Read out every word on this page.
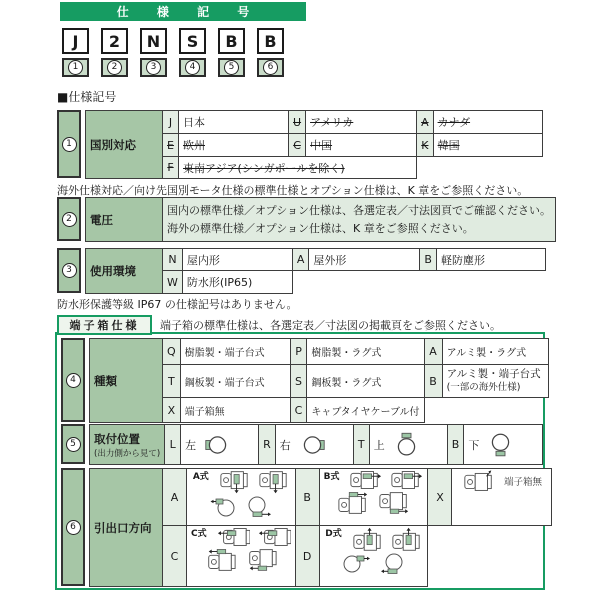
仕 様 記 号
J	2	N	S	B	B
1	2	3	4	5	6
■仕様記号
1	国別対応	J	日本	U	アメリカ	A	カナダ
	E	欧州	C	中国	K	韓国
	F	東南アジア(シンガポールを除く)				
海外仕様対応／向け先国別モータ仕様の標準仕様とオプション仕様は、K 章をご参照ください。
2	電圧	国内の標準仕様／オプション仕様は、各選定表／寸法図頁でご確認ください。
海外の標準仕様／オプション仕様は、K 章をご参照ください。
3	使用環境	N	屋内形	A	屋外形	B	軽防塵形
	W	防水形(IP65)				
防水形保護等級 IP67 の仕様記号はありません。
端子箱仕様	端子箱の標準仕様は、各選定表／寸法図の掲載頁をご参照ください。
4	種類	Q	樹脂製・端子台式	P	樹脂製・ラグ式	A	アルミ製・ラグ式
	T	鋼板製・端子台式	S	鋼板製・ラグ式	B	アルミ製・端子台式
(一部の海外仕様)
	X	端子箱無	C	キャブタイヤケーブル付		
5	取付位置
(出力側から見て)
	L	左	R	右	T	上	B	下
6	引出口方向	A	A式	B	B式	X	端子箱無

	C	C式	D	D式		
